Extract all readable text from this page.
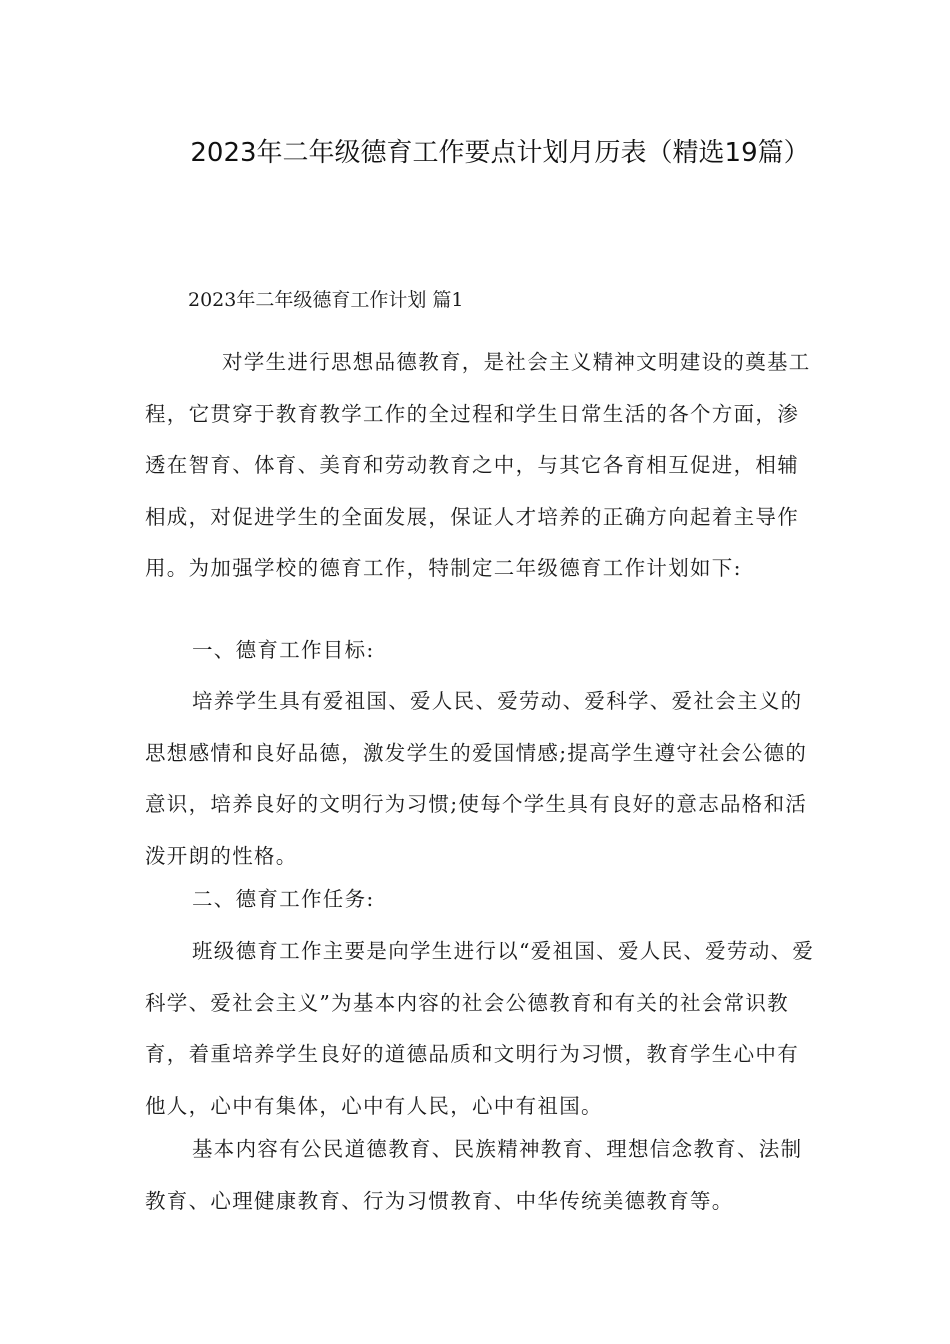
2023年二年级德育工作要点计划月历表（精选19篇）
2023年二年级德育工作计划 篇1

对学生进行思想品德教育，是社会主义精神文明建设的奠基工程，它贯穿于教育教学工作的全过程和学生日常生活的各个方面，渗透在智育、体育、美育和劳动教育之中，与其它各育相互促进，相辅相成，对促进学生的全面发展，保证人才培养的正确方向起着主导作用。为加强学校的德育工作，特制定二年级德育工作计划如下:

一、德育工作目标:

培养学生具有爱祖国、爱人民、爱劳动、爱科学、爱社会主义的思想感情和良好品德，激发学生的爱国情感;提高学生遵守社会公德的意识，培养良好的文明行为习惯;使每个学生具有良好的意志品格和活泼开朗的性格。

二、德育工作任务:

班级德育工作主要是向学生进行以“爱祖国、爱人民、爱劳动、爱科学、爱社会主义”为基本内容的社会公德教育和有关的社会常识教育，着重培养学生良好的道德品质和文明行为习惯，教育学生心中有他人，心中有集体，心中有人民，心中有祖国。

基本内容有公民道德教育、民族精神教育、理想信念教育、法制教育、心理健康教育、行为习惯教育、中华传统美德教育等。
